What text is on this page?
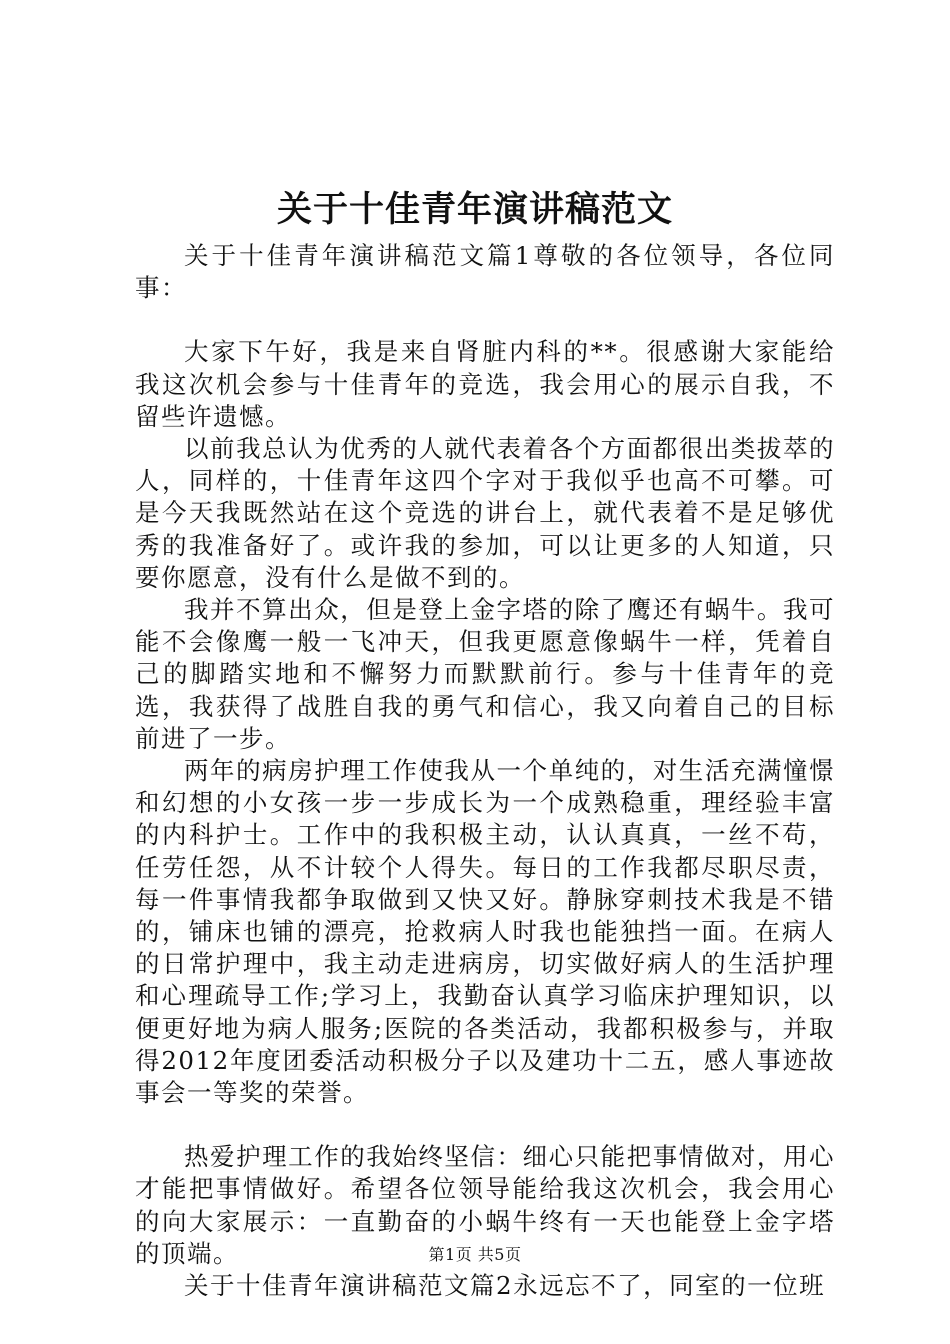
关于十佳青年演讲稿范文

关于十佳青年演讲稿范文篇1尊敬的各位领导，各位同事：

大家下午好，我是来自肾脏内科的**。很感谢大家能给我这次机会参与十佳青年的竞选，我会用心的展示自我，不留些许遗憾。

以前我总认为优秀的人就代表着各个方面都很出类拔萃的人，同样的，十佳青年这四个字对于我似乎也高不可攀。可是今天我既然站在这个竞选的讲台上，就代表着不是足够优秀的我准备好了。或许我的参加，可以让更多的人知道，只要你愿意，没有什么是做不到的。

我并不算出众，但是登上金字塔的除了鹰还有蜗牛。我可能不会像鹰一般一飞冲天，但我更愿意像蜗牛一样，凭着自己的脚踏实地和不懈努力而默默前行。参与十佳青年的竞选，我获得了战胜自我的勇气和信心，我又向着自己的目标前进了一步。

两年的病房护理工作使我从一个单纯的，对生活充满憧憬和幻想的小女孩一步一步成长为一个成熟稳重，理经验丰富的内科护士。工作中的我积极主动，认认真真，一丝不苟，任劳任怨，从不计较个人得失。每日的工作我都尽职尽责，每一件事情我都争取做到又快又好。静脉穿刺技术我是不错的，铺床也铺的漂亮，抢救病人时我也能独挡一面。在病人的日常护理中，我主动走进病房，切实做好病人的生活护理和心理疏导工作;学习上，我勤奋认真学习临床护理知识，以便更好地为病人服务;医院的各类活动，我都积极参与，并取得2012年度团委活动积极分子以及建功十二五，感人事迹故事会一等奖的荣誉。

热爱护理工作的我始终坚信：细心只能把事情做对，用心才能把事情做好。希望各位领导能给我这次机会，我会用心的向大家展示：一直勤奋的小蜗牛终有一天也能登上金字塔的顶端。

关于十佳青年演讲稿范文篇2永远忘不了，同室的一位班

第1页 共5页
